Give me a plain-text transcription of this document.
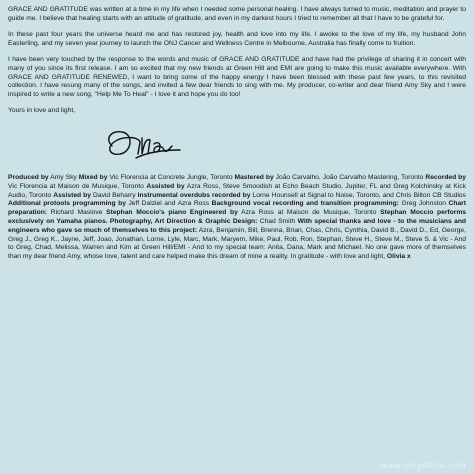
GRACE AND GRATITUDE was written at a time in my life when I needed some personal healing. I have always turned to music, meditation and prayer to guide me. I believe that healing starts with an attitude of gratitude, and even in my darkest hours I tried to remember all that I have to be grateful for.

In these past four years the universe heard me and has restored joy, health and love into my life. I awoke to the love of my life, my husband John Easterling, and my seven year journey to launch the ONJ Cancer and Wellness Centre in Melbourne, Australia has finally come to fruition.

I have been very touched by the response to the words and music of GRACE AND GRATITUDE and have had the privilege of sharing it in concert with many of you since its first release. I am so excited that my new friends at Green Hill and EMI are going to make this music available everywhere. With GRACE AND GRATITUDE RENEWED, I want to bring some of the happy energy I have been blessed with these past few years, to this revisited collection. I have resung many of the songs, and invited a few dear friends to sing with me. My producer, co-writer and dear friend Amy Sky and I were inspired to write a new song, "Help Me To Heal" - I love it and hope you do too!

Yours in love and light,

Produced by Amy Sky Mixed by Vic Florencia at Concrete Jungle, Toronto Mastered by João Carvalho, João Carvalho Mastering, Toronto Recorded by Vic Florencia at Maison de Musique, Toronto Assisted by Azra Ross, Steve Smoodish at Echo Beach Studio, Jupiter, FL and Greg Kolchinsky at Kick Audio, Toronto Assisted by David Beharry Instrumental overdubs recorded by Lorne Hounsell at Signal to Noise, Toronto, and Chris Bilton CB Studios Additional protools programming by Jeff Dalziel and Azra Ross Background vocal recording and transition programming: Greg Johnston Chart preparation: Richard Maslove Stephan Moccio's piano Engineered by Azra Ross at Maison de Musique, Toronto Stephan Moccio performs exclusively on Yamaha pianos. Photography, Art Direction & Graphic Design: Chad Smith With special thanks and love - to the musicians and engineers who gave so much of themselves to this project: Azra, Benjamin, Bill, Brenna, Brian, Chas, Chris, Cynthia, David B., David D., Ed, George, Greg J., Greg K., Jayne, Jeff, Joao, Jonathan, Lorne, Lyle, Marc, Mark, Maryem, Mike, Paul, Rob, Ron, Stephan, Steve H., Steve M., Steve S. & Vic - And to Greg, Chad, Melissa, Warren and Kim at Green Hill/EMI - And to my special team: Anita, Dana, Mark and Michael. No one gave more of themselves than my dear friend Amy, whose love, talent and care helped make this dream of mine a reality. In gratitude - with love and light, Olivia x

www.onlyolivia.com
